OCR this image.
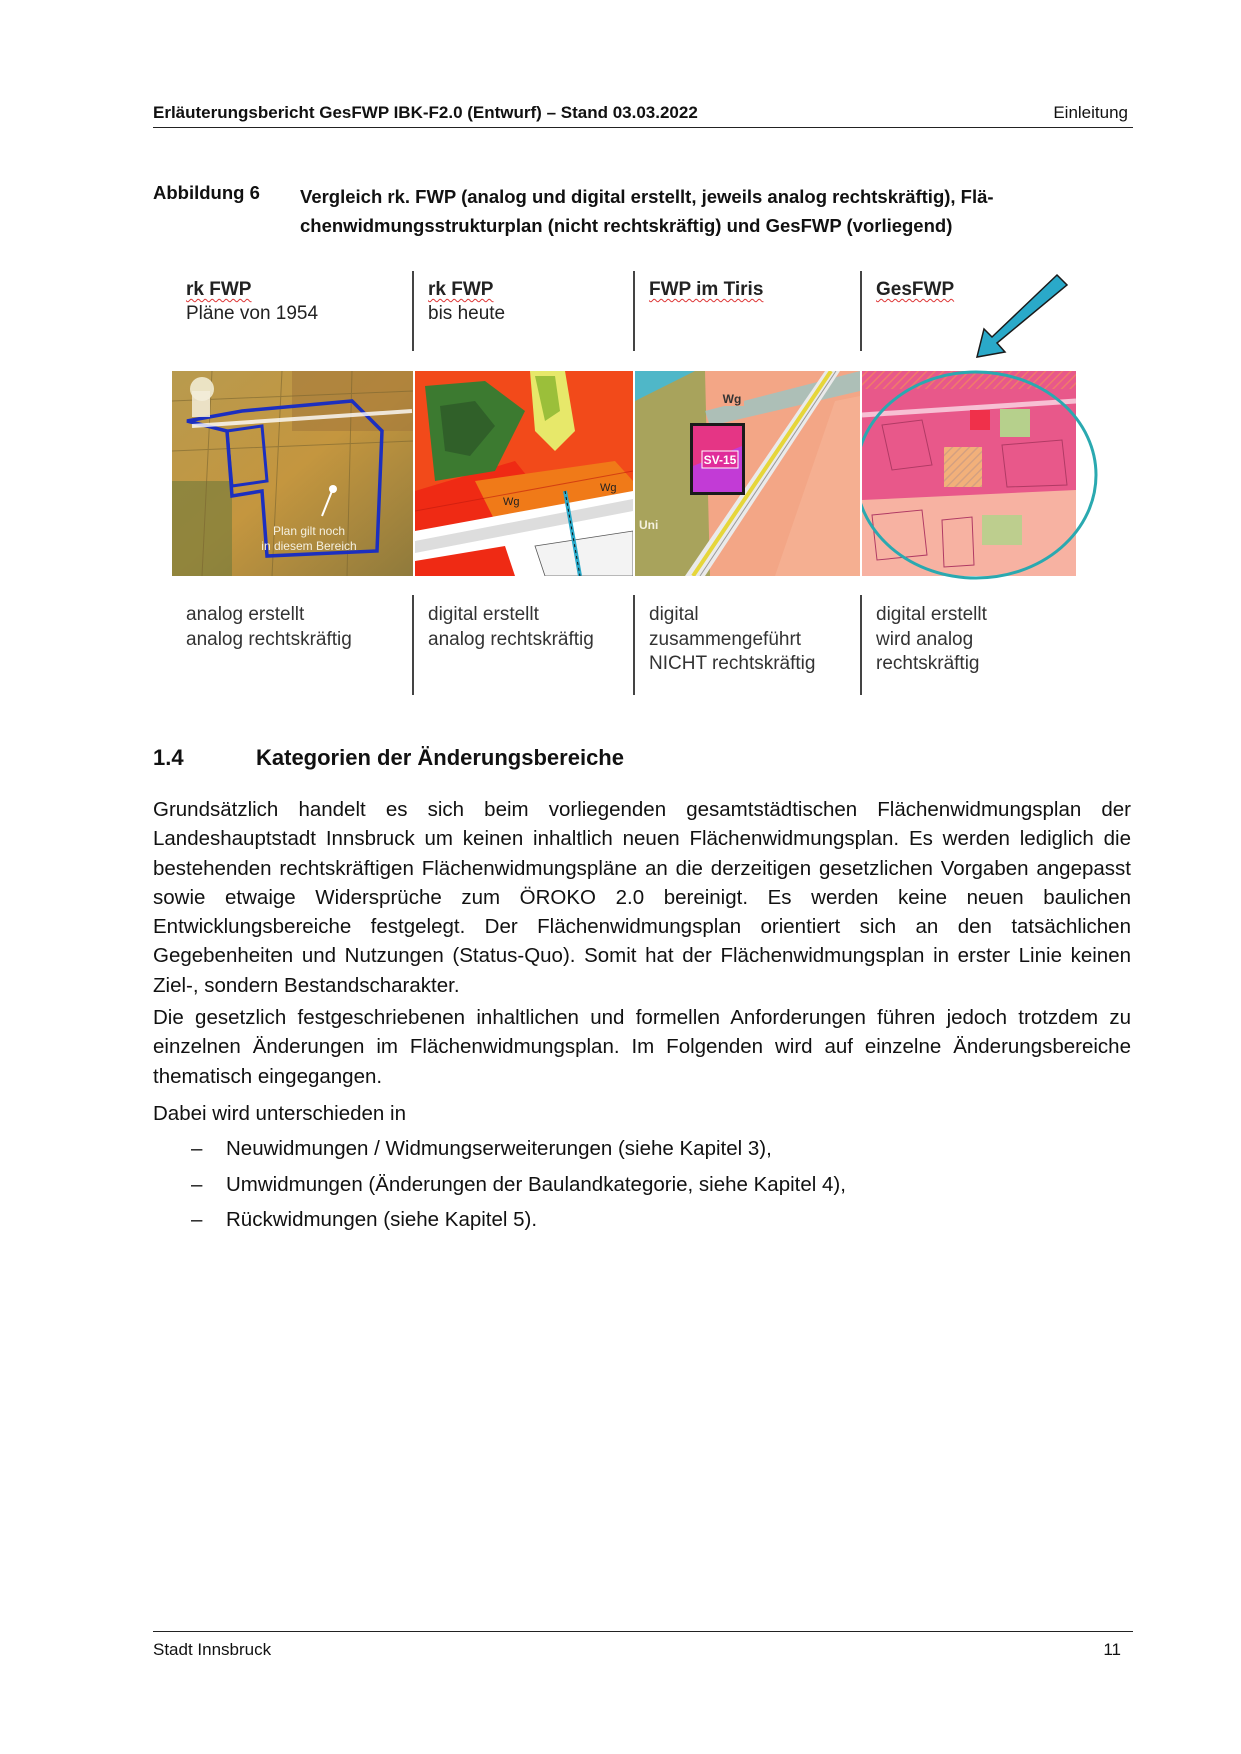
Erläuterungsbericht GesFWP IBK-F2.0 (Entwurf) – Stand 03.03.2022	Einleitung
Abbildung 6 Vergleich rk. FWP (analog und digital erstellt, jeweils analog rechtskräftig), Flä-chenwidmungsstrukturplan (nicht rechtskräftig) und GesFWP (vorliegend)
rk FWP
Pläne von 1954
analog erstellt
analog rechtskräftig
Plan gilt noch
in diesem Bereich
rk FWP
bis heute
digital erstellt
analog rechtskräftig
Wg
Wg
FWP im Tiris
digital
zusammengeführt
NICHT rechtskräftig
SV-15
Wg
Uni
GesFWP
digital erstellt
wird analog
rechtskräftig
1.4	Kategorien der Änderungsbereiche
Grundsätzlich handelt es sich beim vorliegenden gesamtstädtischen Flächenwidmungsplan der Landeshauptstadt Innsbruck um keinen inhaltlich neuen Flächenwidmungsplan. Es werden lediglich die bestehenden rechtskräftigen Flächenwidmungspläne an die derzeitigen gesetzlichen Vorgaben angepasst sowie etwaige Widersprüche zum ÖROKO 2.0 bereinigt. Es werden keine neuen baulichen Entwicklungsbereiche festgelegt. Der Flächenwidmungsplan orientiert sich an den tatsächlichen Gegebenheiten und Nutzungen (Status-Quo). Somit hat der Flächenwidmungsplan in erster Linie keinen Ziel-, sondern Bestandscharakter.
Die gesetzlich festgeschriebenen inhaltlichen und formellen Anforderungen führen jedoch trotzdem zu einzelnen Änderungen im Flächenwidmungsplan. Im Folgenden wird auf einzelne Änderungsbereiche thematisch eingegangen.
Dabei wird unterschieden in
– Neuwidmungen / Widmungserweiterungen (siehe Kapitel 3),
– Umwidmungen (Änderungen der Baulandkategorie, siehe Kapitel 4),
– Rückwidmungen (siehe Kapitel 5).
Stadt Innsbruck	11
